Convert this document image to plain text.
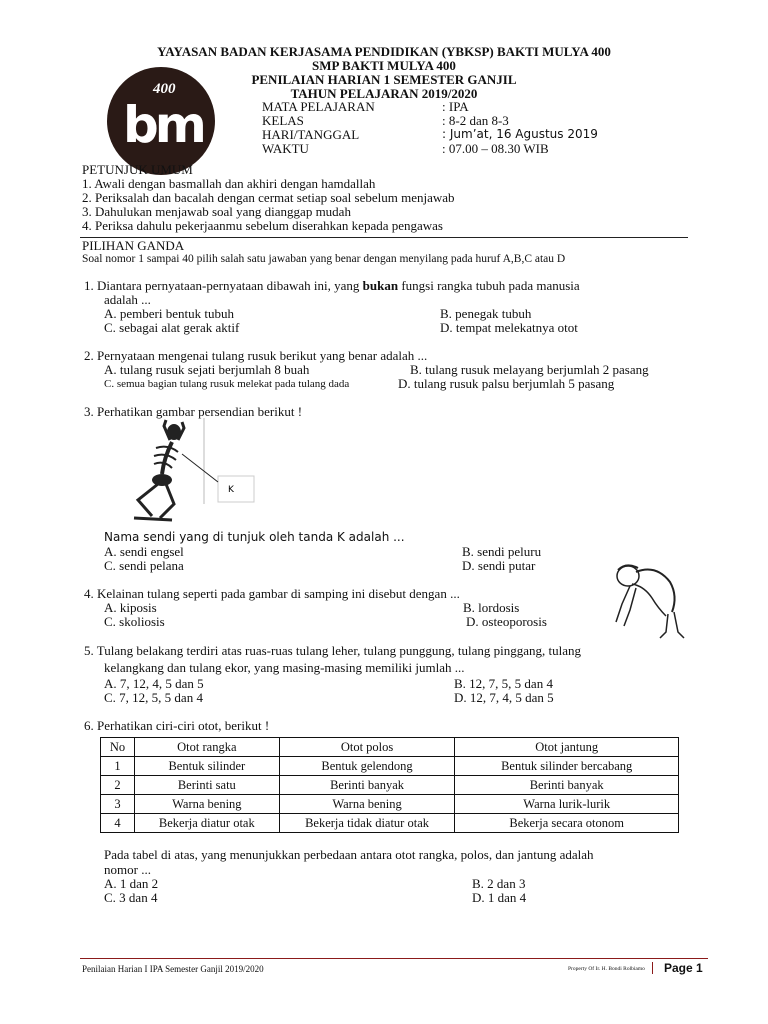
YAYASAN BADAN KERJASAMA PENDIDIKAN (YBKSP) BAKTI MULYA 400
SMP BAKTI MULYA 400
PENILAIAN HARIAN 1 SEMESTER GANJIL
TAHUN PELAJARAN 2019/2020
400
bm	MATA PELAJARAN	: IPA
KELAS	: 8-2 dan 8-3
HARI/TANGGAL	: Jum’at, 16 Agustus 2019
WAKTU	: 07.00 – 08.30 WIB
PETUNJUK UMUM
1. Awali dengan basmallah dan akhiri dengan hamdallah
2. Periksalah dan bacalah dengan cermat setiap soal sebelum menjawab
3. Dahulukan menjawab soal yang dianggap mudah
4. Periksa dahulu pekerjaanmu sebelum diserahkan kepada pengawas
PILIHAN GANDA
Soal nomor 1 sampai 40 pilih salah satu jawaban yang benar dengan menyilang pada huruf A,B,C atau D
1. Diantara pernyataan-pernyataan dibawah ini, yang bukan fungsi rangka tubuh pada manusia
adalah ...
A. pemberi bentuk tubuh	B. penegak tubuh
C. sebagai alat gerak aktif	D. tempat melekatnya otot
2. Pernyataan mengenai tulang rusuk berikut yang benar adalah ...
A. tulang rusuk sejati berjumlah 8 buah	B. tulang rusuk melayang berjumlah 2 pasang
C. semua bagian tulang rusuk melekat pada tulang dada	D. tulang rusuk palsu berjumlah 5 pasang
3. Perhatikan gambar persendian berikut !
K
Nama sendi yang di tunjuk oleh tanda K adalah ...
A. sendi engsel	B. sendi peluru
C. sendi pelana	D. sendi putar
4. Kelainan tulang seperti pada gambar di samping ini disebut dengan ...
A. kiposis	B. lordosis
C. skoliosis	D. osteoporosis
5. Tulang belakang terdiri atas ruas-ruas tulang leher, tulang punggung, tulang pinggang, tulang
kelangkang dan tulang ekor, yang masing-masing memiliki jumlah ...
A. 7, 12, 4, 5 dan 5	B. 12, 7, 5, 5 dan 4
C. 7, 12, 5, 5 dan 4	D. 12, 7, 4, 5 dan 5
6. Perhatikan ciri-ciri otot, berikut !
No	Otot rangka	Otot polos	Otot jantung
1	Bentuk silinder	Bentuk gelendong	Bentuk silinder bercabang
2	Berinti satu	Berinti banyak	Berinti banyak
3	Warna bening	Warna bening	Warna lurik-lurik
4	Bekerja diatur otak	Bekerja tidak diatur otak	Bekerja secara otonom
Pada tabel di atas, yang menunjukkan perbedaan antara otot rangka, polos, dan jantung adalah
nomor ...
A. 1 dan 2	B. 2 dan 3
C. 3 dan 4	D. 1 dan 4
Penilaian Harian I IPA Semester Ganjil 2019/2020	Property Of Ir. H. Bondi Rolbiamo Page 1
